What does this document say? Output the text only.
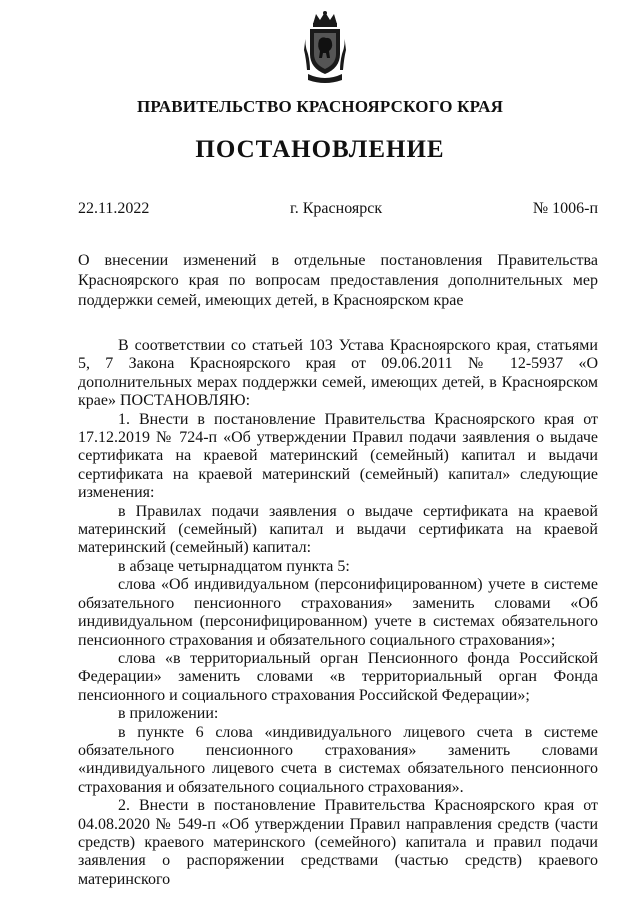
ПРАВИТЕЛЬСТВО КРАСНОЯРСКОГО КРАЯ
ПОСТАНОВЛЕНИЕ
22.11.2022	г. Красноярск	№ 1006-п

О внесении изменений в отдельные постановления Правительства Красноярского края по вопросам предоставления дополнительных мер поддержки семей, имеющих детей, в Красноярском крае

В соответствии со статьей 103 Устава Красноярского края, статьями 5, 7 Закона Красноярского края от 09.06.2011 № 12-5937 «О дополнительных мерах поддержки семей, имеющих детей, в Красноярском крае» ПОСТАНОВЛЯЮ:

1. Внести в постановление Правительства Красноярского края от 17.12.2019 № 724-п «Об утверждении Правил подачи заявления о выдаче сертификата на краевой материнский (семейный) капитал и выдачи сертификата на краевой материнский (семейный) капитал» следующие изменения:

в Правилах подачи заявления о выдаче сертификата на краевой материнский (семейный) капитал и выдачи сертификата на краевой материнский (семейный) капитал:

в абзаце четырнадцатом пункта 5:

слова «Об индивидуальном (персонифицированном) учете в системе обязательного пенсионного страхования» заменить словами «Об индивидуальном (персонифицированном) учете в системах обязательного пенсионного страхования и обязательного социального страхования»;

слова «в территориальный орган Пенсионного фонда Российской Федерации» заменить словами «в территориальный орган Фонда пенсионного и социального страхования Российской Федерации»;

в приложении:

в пункте 6 слова «индивидуального лицевого счета в системе обязательного пенсионного страхования» заменить словами «индивидуального лицевого счета в системах обязательного пенсионного страхования и обязательного социального страхования».

2. Внести в постановление Правительства Красноярского края от 04.08.2020 № 549-п «Об утверждении Правил направления средств (части средств) краевого материнского (семейного) капитала и правил подачи заявления о распоряжении средствами (частью средств) краевого материнского
